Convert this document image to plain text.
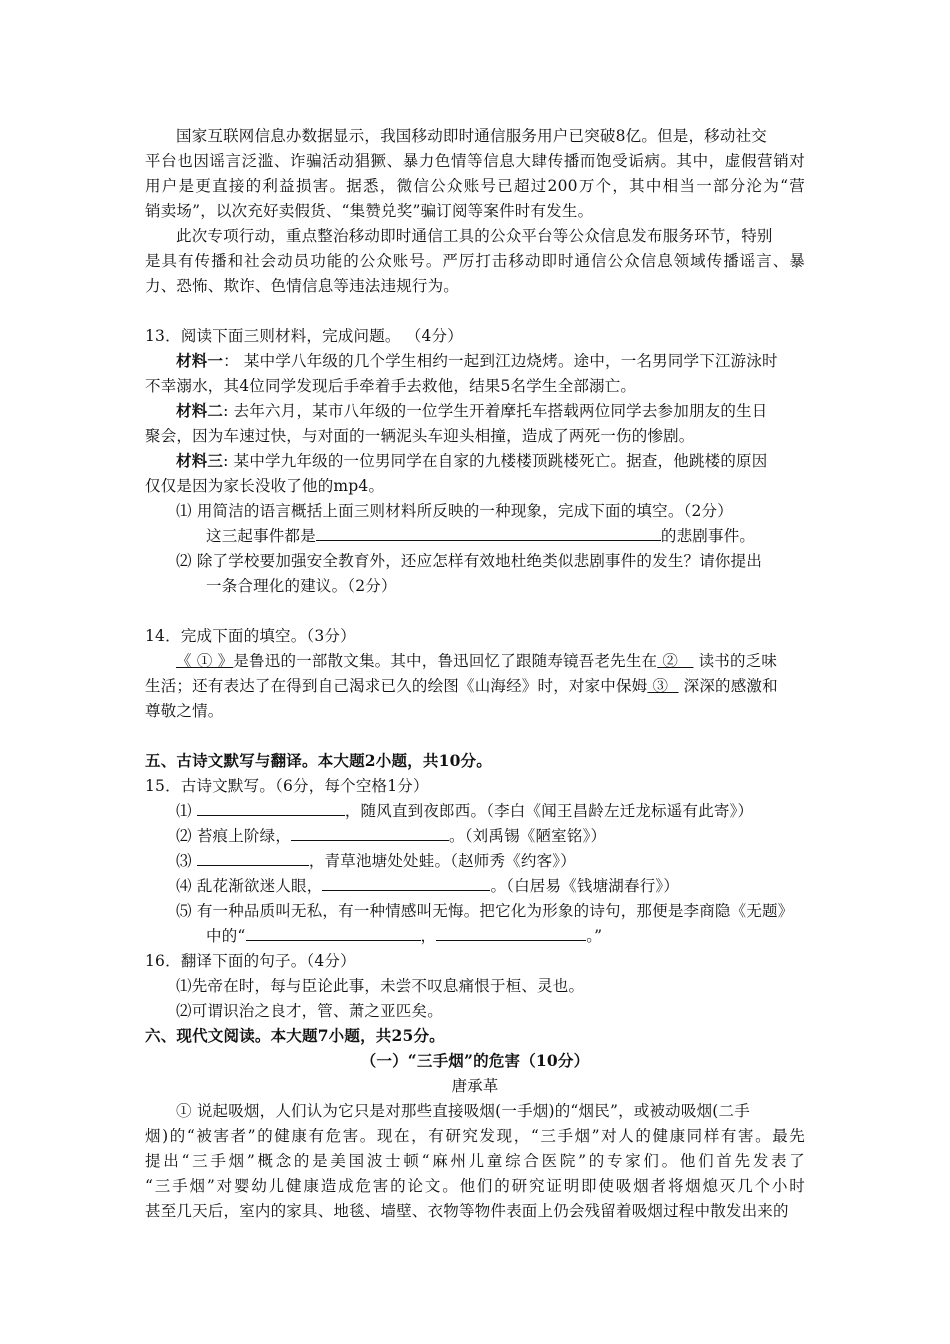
国家互联网信息办数据显示，我国移动即时通信服务用户已突破8亿。但是，移动社交
平台也因谣言泛滥、诈骗活动猖獗、暴力色情等信息大肆传播而饱受诟病。其中，虚假营销对
用户是更直接的利益损害。据悉，微信公众账号已超过200万个，其中相当一部分沦为“营
销卖场”，以次充好卖假货、“集赞兑奖”骗订阅等案件时有发生。
此次专项行动，重点整治移动即时通信工具的公众平台等公众信息发布服务环节，特别
是具有传播和社会动员功能的公众账号。严厉打击移动即时通信公众信息领域传播谣言、暴
力、恐怖、欺诈、色情信息等违法违规行为。
13．阅读下面三则材料，完成问题。 （4分）
材料一： 某中学八年级的几个学生相约一起到江边烧烤。途中，一名男同学下江游泳时
不幸溺水，其4位同学发现后手牵着手去救他，结果5名学生全部溺亡。
材料二: 去年六月，某市八年级的一位学生开着摩托车搭载两位同学去参加朋友的生日
聚会，因为车速过快，与对面的一辆泥头车迎头相撞，造成了两死一伤的惨剧。
材料三: 某中学九年级的一位男同学在自家的九楼楼顶跳楼死亡。据查，他跳楼的原因
仅仅是因为家长没收了他的mp4。
⑴ 用简洁的语言概括上面三则材料所反映的一种现象，完成下面的填空。（2分）
这三起事件都是	的悲剧事件。
⑵ 除了学校要加强安全教育外，还应怎样有效地杜绝类似悲剧事件的发生？请你提出
一条合理化的建议。（2分）
14．完成下面的填空。（3分）
《 ① 》是鲁迅的一部散文集。其中，鲁迅回忆了跟随寿镜吾老先生在 ②    读书的乏味
生活；还有表达了在得到自己渴求已久的绘图《山海经》时，对家中保姆 ③   深深的感激和
尊敬之情。
五、古诗文默写与翻译。本大题2小题，共10分。
15．古诗文默写。（6分，每个空格1分）
⑴	，随风直到夜郎西。（李白《闻王昌龄左迁龙标遥有此寄》）
⑵ 苔痕上阶绿，	。（刘禹锡《陋室铭》）
⑶	，青草池塘处处蛙。（赵师秀《约客》）
⑷ 乱花渐欲迷人眼，	。（白居易《钱塘湖春行》）
⑸ 有一种品质叫无私，有一种情感叫无悔。把它化为形象的诗句，那便是李商隐《无题》
中的“	，	。”
16．翻译下面的句子。（4分）
⑴先帝在时，每与臣论此事，未尝不叹息痛恨于桓、灵也。
⑵可谓识治之良才，管、萧之亚匹矣。
六、现代文阅读。本大题7小题，共25分。
（一）“三手烟”的危害（10分）
唐承革
① 说起吸烟，人们认为它只是对那些直接吸烟(一手烟)的“烟民”，或被动吸烟(二手
烟)的“被害者”的健康有危害。现在，有研究发现，“三手烟”对人的健康同样有害。最先
提出“三手烟”概念的是美国波士顿“麻州儿童综合医院”的专家们。他们首先发表了
“三手烟”对婴幼儿健康造成危害的论文。他们的研究证明即使吸烟者将烟熄灭几个小时
甚至几天后，室内的家具、地毯、墙壁、衣物等物件表面上仍会残留着吸烟过程中散发出来的
